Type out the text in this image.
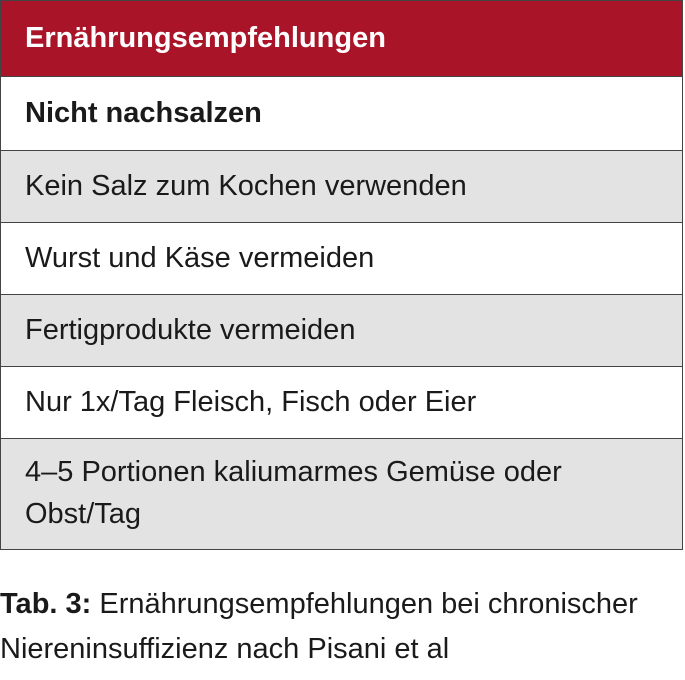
Ernährungsempfehlungen
Nicht nachsalzen
Kein Salz zum Kochen verwenden
Wurst und Käse vermeiden
Fertigprodukte vermeiden
Nur 1x/Tag Fleisch, Fisch oder Eier
4–5 Portionen kaliumarmes Gemüse oder Obst/Tag
Tab. 3: Ernährungsempfehlungen bei chronischer Niereninsuffizienz nach Pisani et al
